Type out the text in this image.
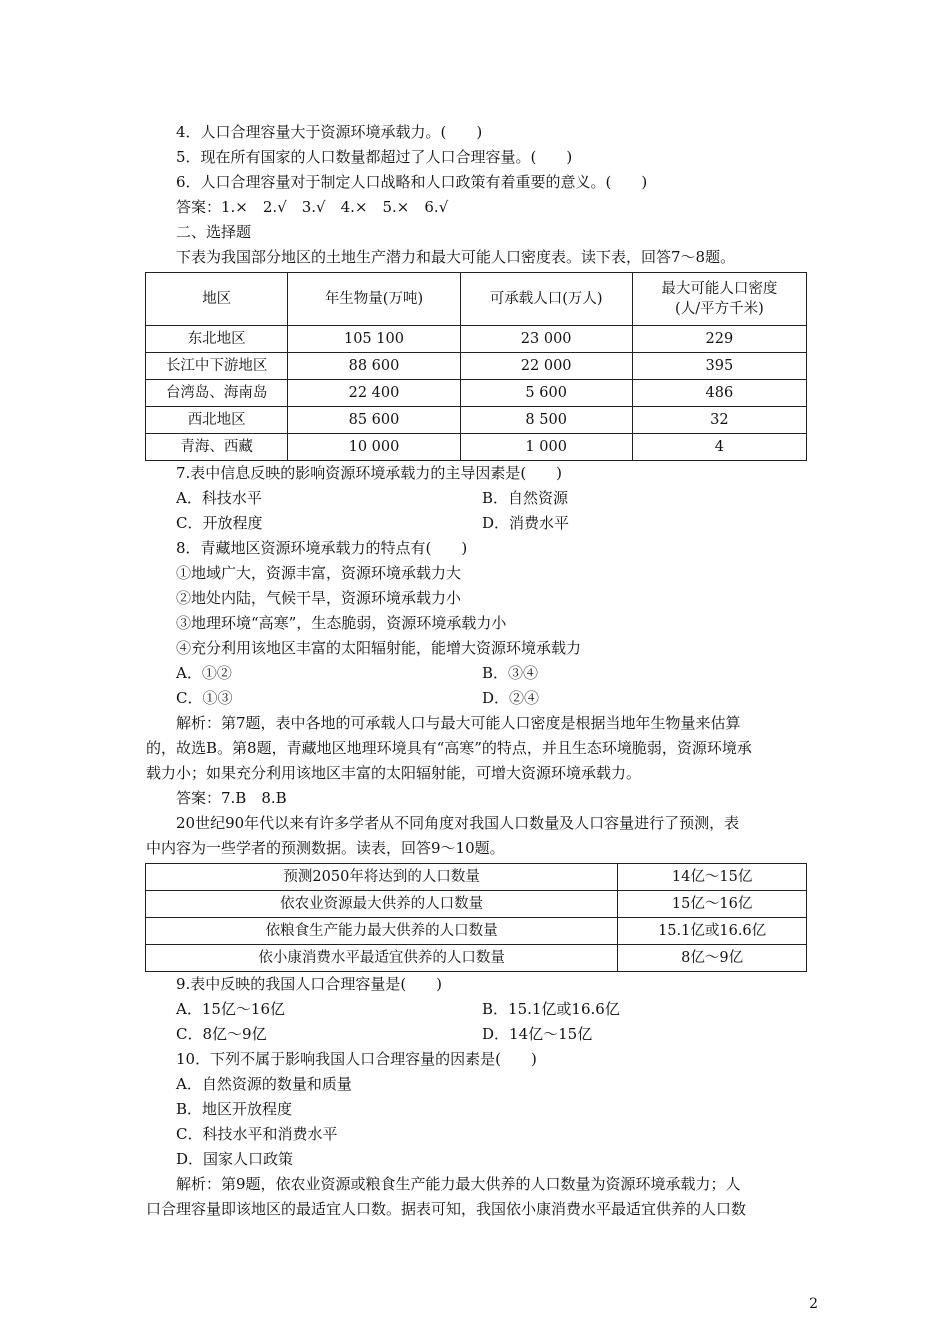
4．人口合理容量大于资源环境承载力。(　　)
5．现在所有国家的人口数量都超过了人口合理容量。(　　)
6．人口合理容量对于制定人口战略和人口政策有着重要的意义。(　　)
答案：1.×　2.√　3.√　4.×　5.×　6.√
二、选择题
下表为我国部分地区的土地生产潜力和最大可能人口密度表。读下表，回答7～8题。
地区	年生物量(万吨)	可承载人口(万人)	最大可能人口密度
(人/平方千米)

东北地区	105 100	23 000	229
长江中下游地区	88 600	22 000	395
台湾岛、海南岛	22 400	5 600	486
西北地区	85 600	8 500	32
青海、西藏	10 000	1 000	4
7.表中信息反映的影响资源环境承载力的主导因素是(　　)
A．科技水平	B．自然资源
C．开放程度	D．消费水平
8．青藏地区资源环境承载力的特点有(　　)
①地域广大，资源丰富，资源环境承载力大
②地处内陆，气候干旱，资源环境承载力小
③地理环境“高寒”，生态脆弱，资源环境承载力小
④充分利用该地区丰富的太阳辐射能，能增大资源环境承载力
A．①②	B．③④
C．①③	D．②④
解析：第7题，表中各地的可承载人口与最大可能人口密度是根据当地年生物量来估算
的，故选B。第8题，青藏地区地理环境具有“高寒”的特点，并且生态环境脆弱，资源环境承
载力小；如果充分利用该地区丰富的太阳辐射能，可增大资源环境承载力。
答案：7.B　8.B
20世纪90年代以来有许多学者从不同角度对我国人口数量及人口容量进行了预测，表
中内容为一些学者的预测数据。读表，回答9～10题。
预测2050年将达到的人口数量	14亿～15亿
依农业资源最大供养的人口数量	15亿～16亿
依粮食生产能力最大供养的人口数量	15.1亿或16.6亿
依小康消费水平最适宜供养的人口数量	8亿～9亿
9.表中反映的我国人口合理容量是(　　)
A．15亿～16亿	B．15.1亿或16.6亿
C．8亿～9亿	D．14亿～15亿
10．下列不属于影响我国人口合理容量的因素是(　　)
A．自然资源的数量和质量
B．地区开放程度
C．科技水平和消费水平
D．国家人口政策
解析：第9题，依农业资源或粮食生产能力最大供养的人口数量为资源环境承载力；人
口合理容量即该地区的最适宜人口数。据表可知，我国依小康消费水平最适宜供养的人口数
2
